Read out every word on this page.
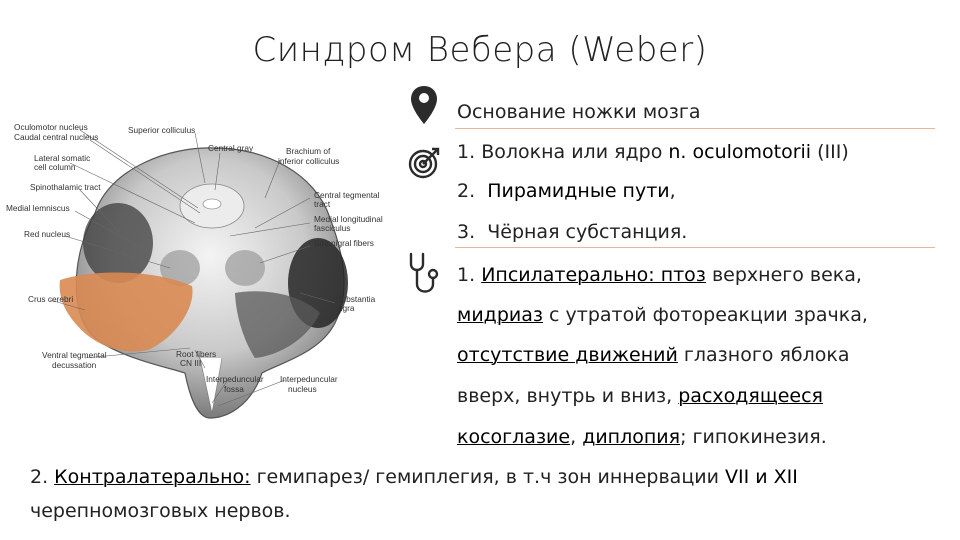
Синдром Вебера (Weber)
Oculomotor nucleus
Caudal central nucleus
Lateral somatic
cell column
Spinothalamic tract
Medial lemniscus
Red nucleus
Crus cerebri
Ventral tegmental
decussation
Superior colliculus
Central gray	Brachium of
inferior colliculus
Central tegmental
tract
Medial longitudinal
fasciculus
Strionigral fibers
Substantia
nigra
Root fibers
CN III
Interpeduncular
fossa
Interpeduncular
nucleus
Основание ножки мозга
1. Волокна или ядро n. oculomotorii (III)
2. Пирамидные пути,
3. Чёрная субстанция.
1. Ипсилатерально: птоз верхнего века,
мидриаз с утратой фотореакции зрачка,
отсутствие движений глазного яблока
вверх, внутрь и вниз, расходящееся
косоглазие, диплопия; гипокинезия.
2. Контралатерально: гемипарез/ гемиплегия, в т.ч зон иннервации VII и XII
черепномозговых нервов.
